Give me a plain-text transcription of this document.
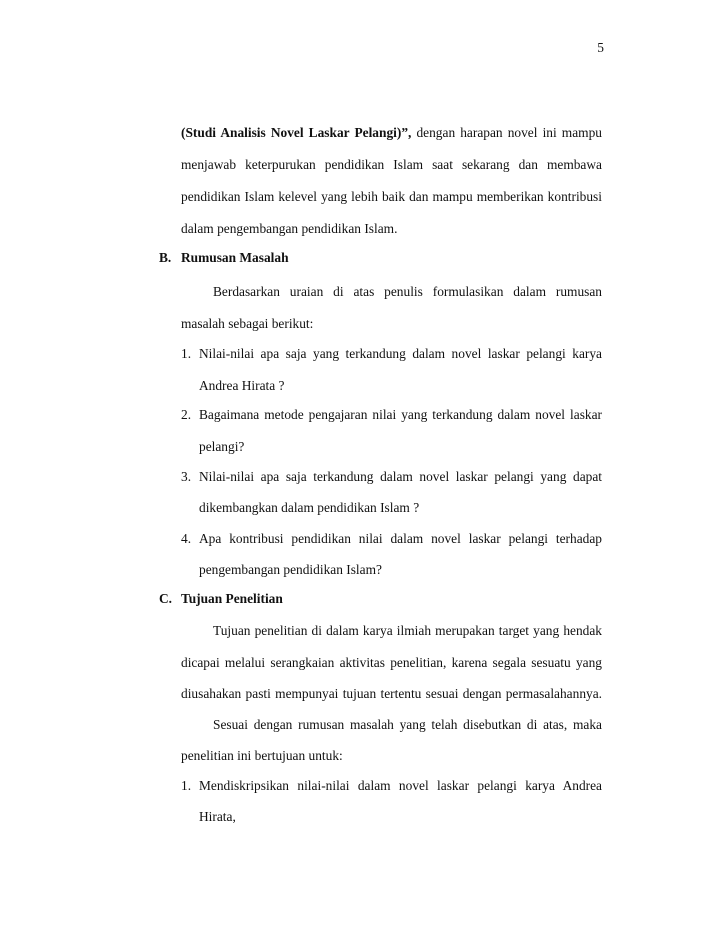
5
(Studi Analisis Novel Laskar Pelangi)”, dengan harapan novel ini mampu
menjawab keterpurukan pendidikan Islam saat sekarang dan membawa
pendidikan Islam kelevel yang lebih baik dan mampu memberikan kontribusi
dalam pengembangan pendidikan Islam.
B. Rumusan Masalah
Berdasarkan uraian di atas penulis formulasikan dalam rumusan
masalah sebagai berikut:
1. Nilai-nilai apa saja yang terkandung dalam novel laskar pelangi karya
Andrea Hirata ?
2. Bagaimana metode pengajaran nilai yang terkandung dalam novel laskar
pelangi?
3. Nilai-nilai apa saja terkandung dalam novel laskar pelangi yang dapat
dikembangkan dalam pendidikan Islam ?
4. Apa kontribusi pendidikan nilai dalam novel laskar pelangi terhadap
pengembangan pendidikan Islam?
C. Tujuan Penelitian
Tujuan penelitian di dalam karya ilmiah merupakan target yang hendak
dicapai melalui serangkaian aktivitas penelitian, karena segala sesuatu yang
diusahakan pasti mempunyai tujuan tertentu sesuai dengan permasalahannya.
Sesuai dengan rumusan masalah yang telah disebutkan di atas, maka
penelitian ini bertujuan untuk:
1. Mendiskripsikan nilai-nilai dalam novel laskar pelangi karya Andrea
Hirata,
